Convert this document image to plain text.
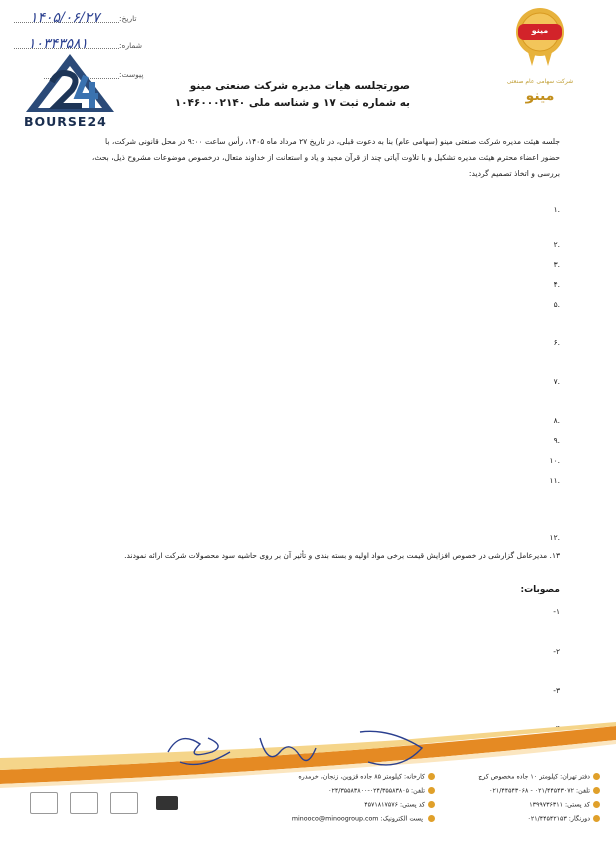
۱۴۰۵/۰۶/۲۷	تاریخ:
۱۰۳۴۳۵۸۱	شماره:
پیوست:
BOURSE24
مینو
شرکت سهامی عام صنعتی
مینو
صورتجلسه هیات مدیره شرکت صنعتی مینو
به شماره ثبت ۱۷ و شناسه ملی ۱۰۴۶۰۰۰۲۱۴۰
جلسه هیئت مدیره شرکت صنعتی مینو (سهامی عام) بنا به دعوت قبلی، در تاریخ ۲۷ مرداد ماه ۱۴۰۵، رأس ساعت ۹:۰۰ در محل قانونی شرکت، با
حضور اعضاء محترم هیئت مدیره تشکیل و با تلاوت آیاتی چند از قرآن مجید و یاد و استعانت از خداوند متعال، درخصوص موضوعات مشروح ذیل، بحث،
بررسی و اتخاذ تصمیم گردید:
۱.
۲.
۳.
۴.
۵.
۶.
۷.
۸.
۹.
۱۰.
۱۱.
۱۲.
۱۳. مدیرعامل گزارشی در خصوص افزایش قیمت برخی مواد اولیه و بسته بندی و تأثیر آن بر روی حاشیه سود محصولات شرکت ارائه نمودند.
مصوبات:
-۱
-۲
-۳
دفتر تهران: کیلومتر ۱۰ جاده مخصوص کرج
تلفن: ۰۲۱/۴۴۵۴۳۰۷۲ - ۰۲۱/۴۴۵۴۳۰۶۸
کد پستی: ۱۳۹۹۷۳۶۳۱۱
دورنگار: ۰۲۱/۴۴۵۴۲۱۵۳
کارخانه: کیلومتر ۸۵ جاده قزوین، زنجان، خرمدره
تلفن: ۰۲۴/۳۵۵۸۳۸۰۵-۰۲۴/۳۵۵۸۳۸۰۰
کد پستی: ۴۵۷۱۸۱۷۵۷۶
minooco@minoogroup.com پست الکترونیک:
